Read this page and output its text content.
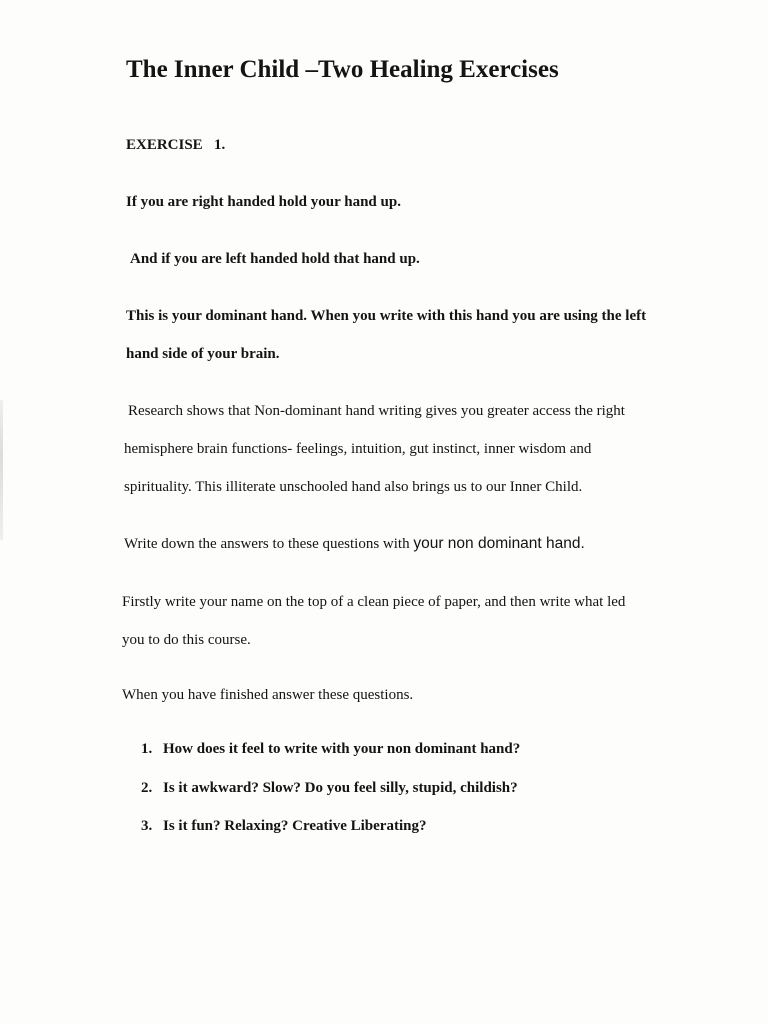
The Inner Child –Two Healing Exercises
EXERCISE   1.
If you are right handed hold your hand up.
And if you are left handed hold that hand up.
This is your dominant hand. When you write with this hand you are using the left
hand side of your brain.
Research shows that Non-dominant hand writing gives you greater access the right
hemisphere brain functions- feelings, intuition, gut instinct, inner wisdom and
spirituality. This illiterate unschooled hand also brings us to our Inner Child.
Write down the answers to these questions with your non dominant hand.
Firstly write your name on the top of a clean piece of paper, and then write what led
you to do this course.
When you have finished answer these questions.
1. How does it feel to write with your non dominant hand?
2. Is it awkward? Slow? Do you feel silly, stupid, childish?
3. Is it fun? Relaxing? Creative Liberating?
